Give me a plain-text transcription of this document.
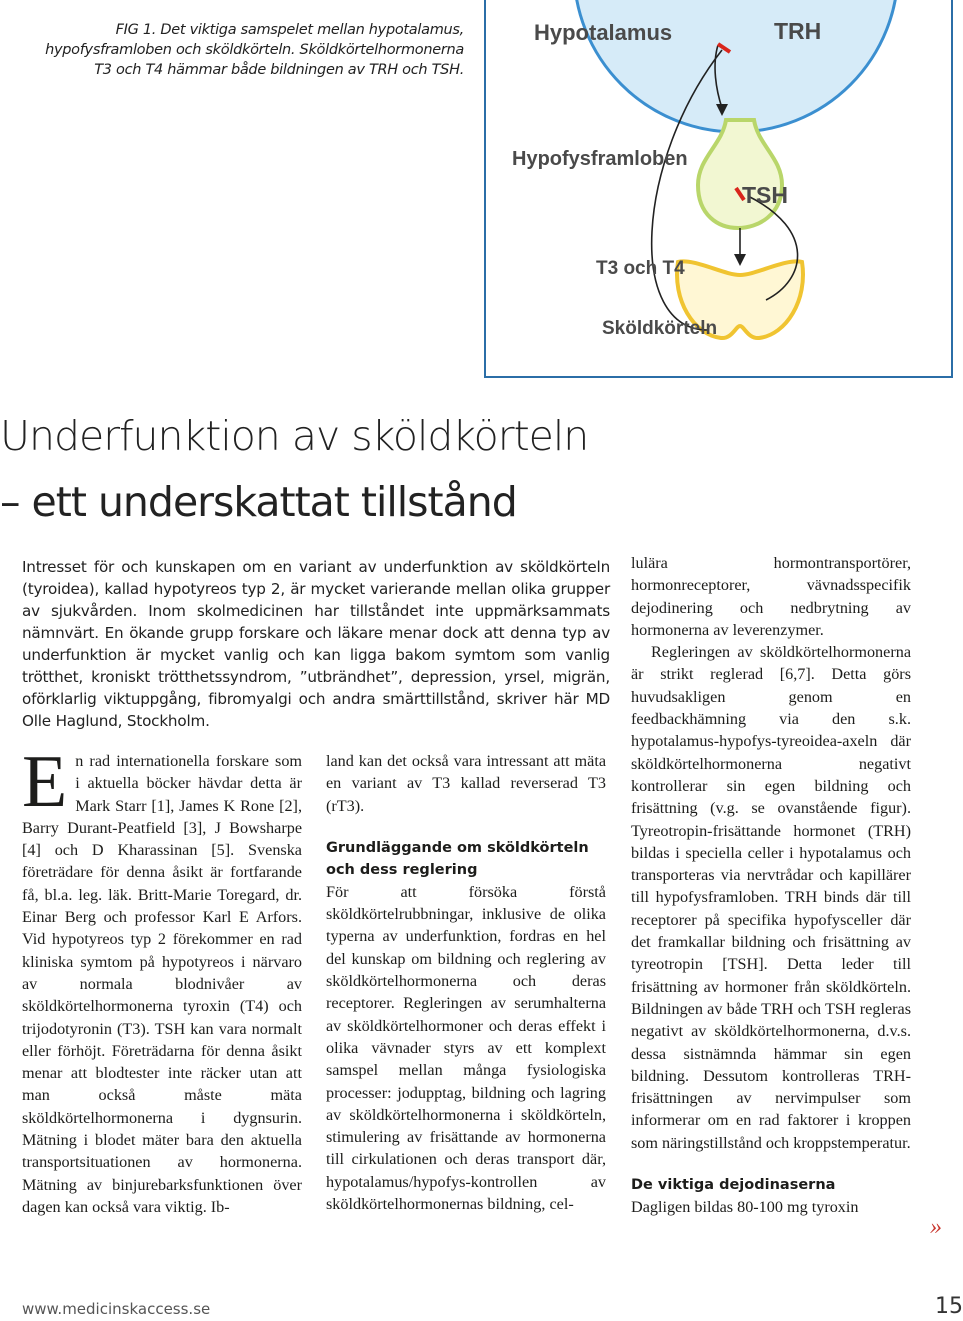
FIG 1. Det viktiga samspelet mellan hypotalamus, hypofysframloben och sköldkörteln. Sköldkörtelhormonerna T3 och T4 hämmar både bildningen av TRH och TSH.
Hypotalamus	TRH
Hypofysframloben
TSH
T3 och T4
Sköldkörteln
Underfunktion av sköldkörteln
– ett underskattat tillstånd
Intresset för och kunskapen om en variant av underfunktion av sköldkörteln (tyroidea), kallad hypotyreos typ 2, är mycket varierande mellan olika grupper av sjukvården. Inom skolmedicinen har tillståndet inte uppmärksammats nämnvärt. En ökande grupp forskare och läkare menar dock att denna typ av underfunktion är mycket vanlig och kan ligga bakom symtom som vanlig trötthet, kroniskt trötthetssyndrom, ”utbrändhet”, depression, yrsel, migrän, oförklarlig viktuppgång, fibromyalgi och andra smärttillstånd, skriver här MD Olle Haglund, Stockholm.
E n rad internationella forskare som i aktuella böcker hävdar detta är Mark Starr [1], James K Rone [2], Barry Durant-Peatfield [3], J Bowsharpe [4] och D Kharassinan [5]. Svenska företrädare för denna åsikt är fortfarande få, bl.a. leg. läk. Britt-Marie Toregard, dr. Einar Berg och professor Karl E Arfors. Vid hypotyreos typ 2 förekommer en rad kliniska symtom på hypotyreos i närvaro av normala blodnivåer av sköldkörtelhormonerna tyroxin (T4) och trijodotyronin (T3). TSH kan vara normalt eller förhöjt. Företrädarna för denna åsikt menar att blodtester inte räcker utan att man också måste mäta sköldkörtelhormonerna i dygnsurin. Mätning i blodet mäter bara den aktuella transportsituationen av hormonerna. Mätning av binjurebarksfunktionen över dagen kan också vara viktig. Ib-

land kan det också vara intressant att mäta en variant av T3 kallad reverserad T3 (rT3).

Grundläggande om sköldkörteln och dess reglering

För att försöka förstå sköldkörtelrubbningar, inklusive de olika typerna av underfunktion, fordras en hel del kunskap om bildning och reglering av sköldkörtelhormonerna och deras receptorer. Regleringen av serumhalterna av sköldkörtelhormoner och deras effekt i olika vävnader styrs av ett komplext samspel mellan många fysiologiska processer: jodupptag, bildning och lagring av sköldkörtelhormonerna i sköldkörteln, stimulering av frisättande av hormonerna till cirkulationen och deras transport där, hypotalamus/hypofys-kontrollen av sköldkörtelhormonernas bildning, cel-

lulära hormontransportörer, hormonreceptorer, vävnadsspecifik dejodinering och nedbrytning av hormonerna av leverenzymer.

Regleringen av sköldkörtelhormonerna är strikt reglerad [6,7]. Detta görs huvudsakligen genom en feedbackhämning via den s.k. hypotalamus-hypofys-tyreoidea-axeln där sköldkörtelhormonerna negativt kontrollerar sin egen bildning och frisättning (v.g. se ovanstående figur). Tyreotropin-frisättande hormonet (TRH) bildas i speciella celler i hypotalamus och transporteras via nervtrådar och kapillärer till hypofysframloben. TRH binds där till receptorer på specifika hypofysceller där det framkallar bildning och frisättning av tyreotropin [TSH]. Detta leder till frisättning av hormoner från sköldkörteln. Bildningen av både TRH och TSH regleras negativt av sköldkörtelhormonerna, d.v.s. dessa sistnämnda hämmar sin egen bildning. Dessutom kontrolleras TRH-frisättningen av nervimpulser som informerar om en rad faktorer i kroppen som näringstillstånd och kroppstemperatur.

De viktiga dejodinaserna

Dagligen bildas 80-100 mg tyroxin

»
www.medicinskaccess.se	15
